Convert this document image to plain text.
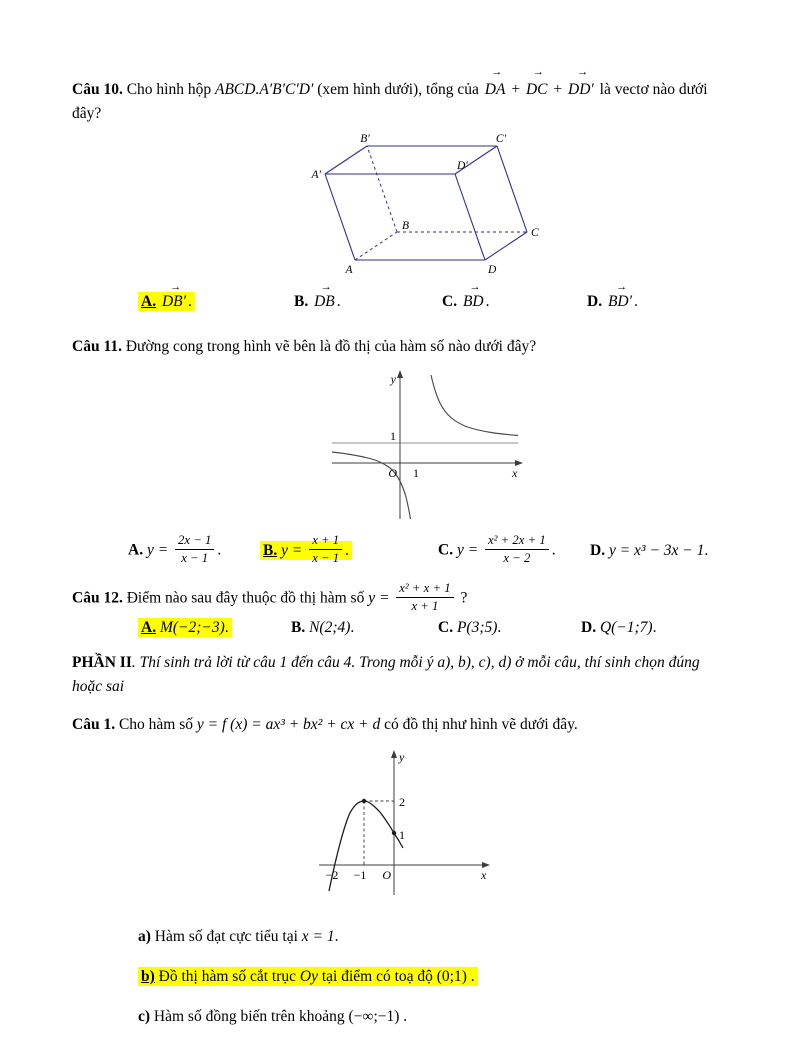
Câu 10. Cho hình hộp ABCD.A′B′C′D′ (xem hình dưới), tổng của DA → + DC → + DD′ → là vectơ nào dưới đây?

B′	C′
A′
D′
B
C
A	D
A. DB′ → .	B. DB → .	C. BD → .	D. BD′ → .

Câu 11. Đường cong trong hình vẽ bên là đồ thị của hàm số nào dưới đây?

y
x
O
1
1
A. $y = \frac{2x - 1}{x - 1}$ .	B. $y = \frac{x + 1}{x - 1}$ .	C. $y = \frac{\text{x² + 2x + 1}}{x - 2}$ .	D. y = x³ − 3x − 1.

Câu 12. Điểm nào sau đây thuộc đồ thị hàm số $y = \frac{\text{x² + x + 1}}{x + 1}$ ?

A. M(−2;−3).	B. N(2;4).	C. P(3;5).	D. Q(−1;7).

PHẦN II. Thí sinh trả lời từ câu 1 đến câu 4. Trong mỗi ý a), b), c), d) ở mỗi câu, thí sinh chọn đúng hoặc sai

Câu 1. Cho hàm số y = f (x) = ax³ + bx² + cx + d có đồ thị như hình vẽ dưới đây.

2
1
−2 −1 O	x
y

a) Hàm số đạt cực tiểu tại x = 1.

b) Đồ thị hàm số cắt trục Oy tại điểm có toạ độ (0;1) .

c) Hàm số đồng biến trên khoảng (−∞;−1) .
